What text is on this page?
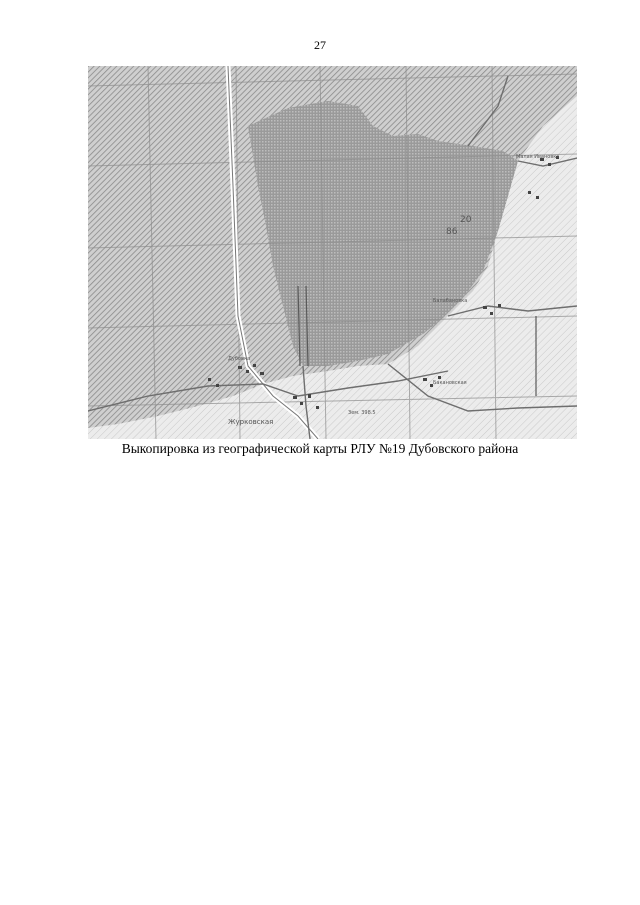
27
20
86
Малая Ивановка
Балабановка
Дубовка
Журковская
Бакановская
Зем. 398.5
Выкопировка из географической карты РЛУ №19 Дубовского района
